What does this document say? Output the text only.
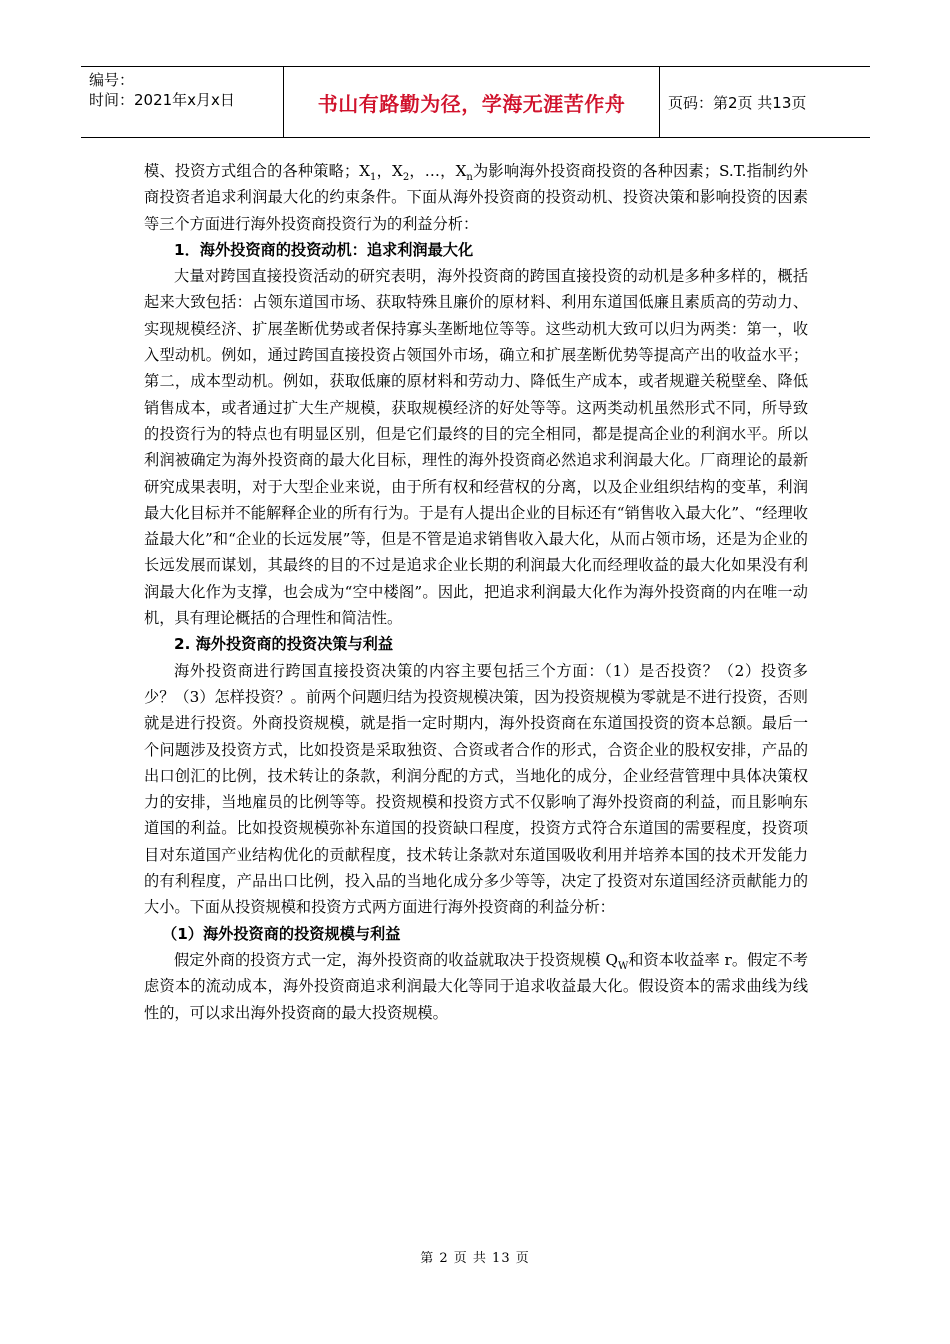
编号：
时间：2021年x月x日	书山有路勤为径，学海无涯苦作舟	页码：第2页 共13页

模、投资方式组合的各种策略；$X_1$，$X_2$，…，$X_n$为影响海外投资商投资的各种因素；S.T.指制约外商投资者追求利润最大化的约束条件。下面从海外投资商的投资动机、投资决策和影响投资的因素等三个方面进行海外投资商投资行为的利益分析：

1．海外投资商的投资动机：追求利润最大化

大量对跨国直接投资活动的研究表明，海外投资商的跨国直接投资的动机是多种多样的，概括起来大致包括：占领东道国市场、获取特殊且廉价的原材料、利用东道国低廉且素质高的劳动力、实现规模经济、扩展垄断优势或者保持寡头垄断地位等等。这些动机大致可以归为两类：第一，收入型动机。例如，通过跨国直接投资占领国外市场，确立和扩展垄断优势等提高产出的收益水平；第二，成本型动机。例如，获取低廉的原材料和劳动力、降低生产成本，或者规避关税壁垒、降低销售成本，或者通过扩大生产规模，获取规模经济的好处等等。这两类动机虽然形式不同，所导致的投资行为的特点也有明显区别，但是它们最终的目的完全相同，都是提高企业的利润水平。所以利润被确定为海外投资商的最大化目标，理性的海外投资商必然追求利润最大化。厂商理论的最新研究成果表明，对于大型企业来说，由于所有权和经营权的分离，以及企业组织结构的变革，利润最大化目标并不能解释企业的所有行为。于是有人提出企业的目标还有“销售收入最大化”、“经理收益最大化”和“企业的长远发展”等，但是不管是追求销售收入最大化，从而占领市场，还是为企业的长远发展而谋划，其最终的目的不过是追求企业长期的利润最大化而经理收益的最大化如果没有利润最大化作为支撑，也会成为“空中楼阁”。因此，把追求利润最大化作为海外投资商的内在唯一动机，具有理论概括的合理性和简洁性。

2. 海外投资商的投资决策与利益

海外投资商进行跨国直接投资决策的内容主要包括三个方面：（1）是否投资？（2）投资多少？（3）怎样投资？。前两个问题归结为投资规模决策，因为投资规模为零就是不进行投资，否则就是进行投资。外商投资规模，就是指一定时期内，海外投资商在东道国投资的资本总额。最后一个问题涉及投资方式，比如投资是采取独资、合资或者合作的形式，合资企业的股权安排，产品的出口创汇的比例，技术转让的条款，利润分配的方式，当地化的成分，企业经营管理中具体决策权力的安排，当地雇员的比例等等。投资规模和投资方式不仅影响了海外投资商的利益，而且影响东道国的利益。比如投资规模弥补东道国的投资缺口程度，投资方式符合东道国的需要程度，投资项目对东道国产业结构优化的贡献程度，技术转让条款对东道国吸收利用并培养本国的技术开发能力的有利程度，产品出口比例，投入品的当地化成分多少等等，决定了投资对东道国经济贡献能力的大小。下面从投资规模和投资方式两方面进行海外投资商的利益分析：

（1）海外投资商的投资规模与利益

假定外商的投资方式一定，海外投资商的收益就取决于投资规模 $Q_W$和资本收益率 r。假定不考虑资本的流动成本，海外投资商追求利润最大化等同于追求收益最大化。假设资本的需求曲线为线性的，可以求出海外投资商的最大投资规模。

第 2 页 共 13 页
